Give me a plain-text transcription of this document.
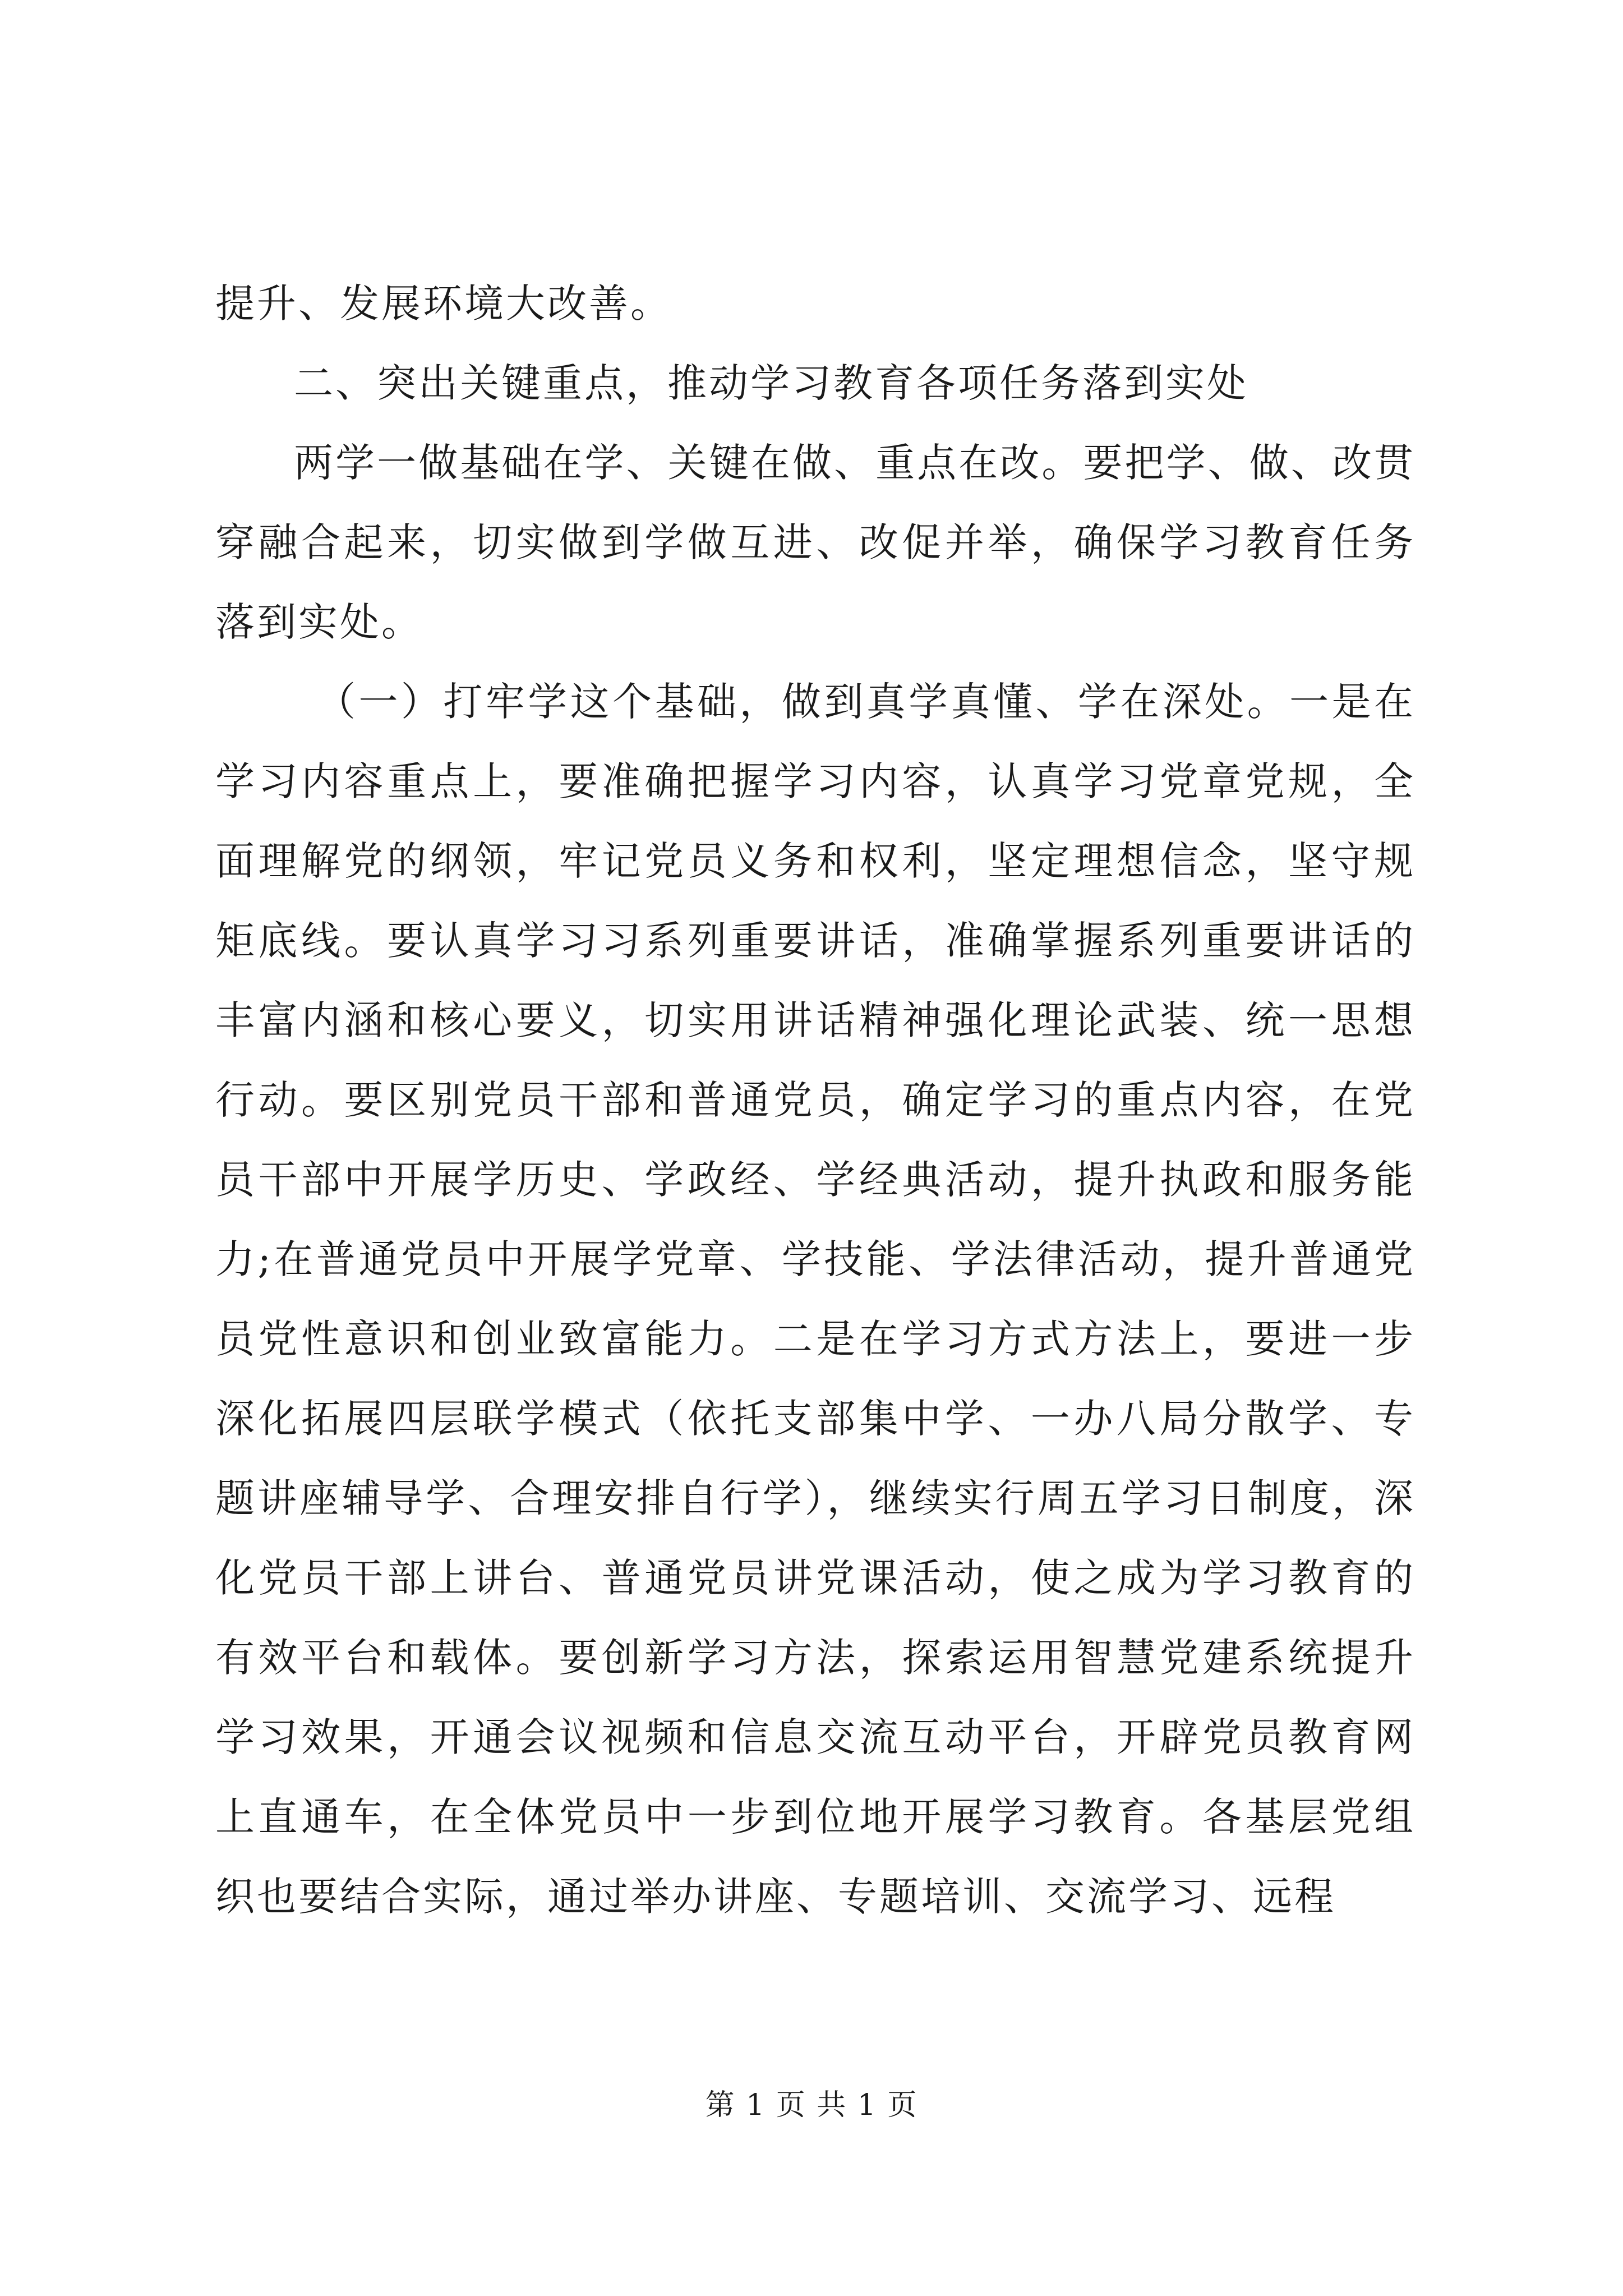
提升、发展环境大改善。

二、突出关键重点，推动学习教育各项任务落到实处

两学一做基础在学、关键在做、重点在改。要把学、做、改贯穿融合起来，切实做到学做互进、改促并举，确保学习教育任务落到实处。

（一）打牢学这个基础，做到真学真懂、学在深处。一是在学习内容重点上，要准确把握学习内容，认真学习党章党规，全面理解党的纲领，牢记党员义务和权利，坚定理想信念，坚守规矩底线。要认真学习习系列重要讲话，准确掌握系列重要讲话的丰富内涵和核心要义，切实用讲话精神强化理论武装、统一思想行动。要区别党员干部和普通党员，确定学习的重点内容，在党员干部中开展学历史、学政经、学经典活动，提升执政和服务能力;在普通党员中开展学党章、学技能、学法律活动，提升普通党员党性意识和创业致富能力。二是在学习方式方法上，要进一步深化拓展四层联学模式（依托支部集中学、一办八局分散学、专题讲座辅导学、合理安排自行学），继续实行周五学习日制度，深化党员干部上讲台、普通党员讲党课活动，使之成为学习教育的有效平台和载体。要创新学习方法，探索运用智慧党建系统提升学习效果，开通会议视频和信息交流互动平台，开辟党员教育网上直通车，在全体党员中一步到位地开展学习教育。各基层党组织也要结合实际，通过举办讲座、专题培训、交流学习、远程

第 1 页 共 1 页
